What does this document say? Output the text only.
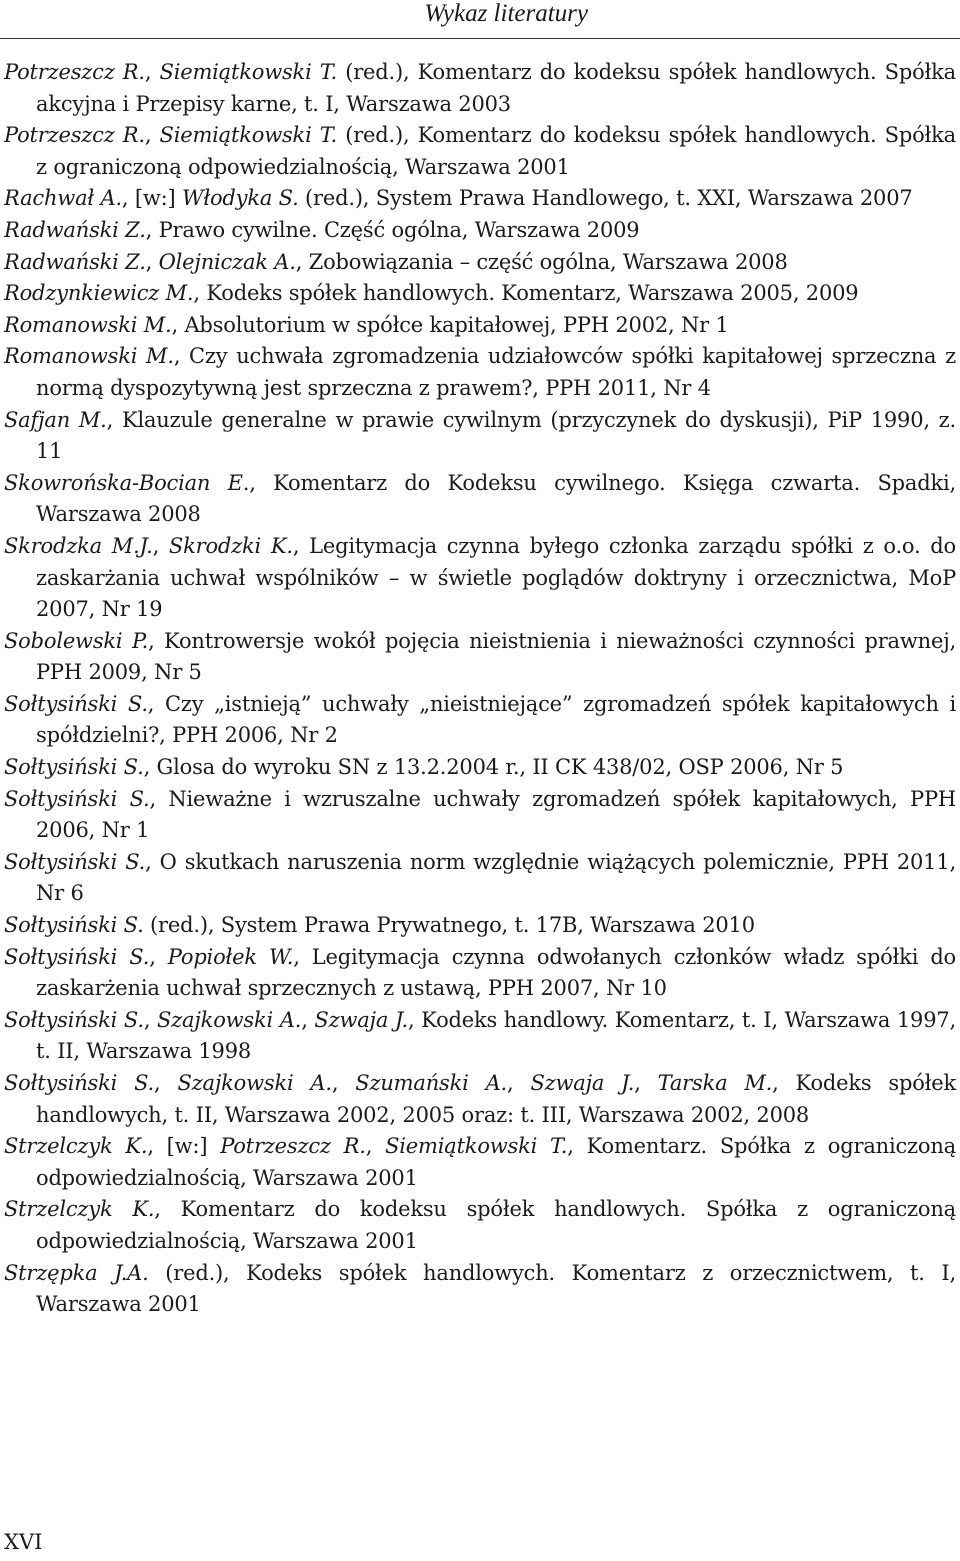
Wykaz literatury
Potrzeszcz R., Siemiątkowski T. (red.), Komentarz do kodeksu spółek handlowych. Spółka akcyjna i Przepisy karne, t. I, Warszawa 2003
Potrzeszcz R., Siemiątkowski T. (red.), Komentarz do kodeksu spółek handlowych. Spółka z ograniczoną odpowiedzialnością, Warszawa 2001
Rachwał A., [w:] Włodyka S. (red.), System Prawa Handlowego, t. XXI, Warszawa 2007
Radwański Z., Prawo cywilne. Część ogólna, Warszawa 2009
Radwański Z., Olejniczak A., Zobowiązania – część ogólna, Warszawa 2008
Rodzynkiewicz M., Kodeks spółek handlowych. Komentarz, Warszawa 2005, 2009
Romanowski M., Absolutorium w spółce kapitałowej, PPH 2002, Nr 1
Romanowski M., Czy uchwała zgromadzenia udziałowców spółki kapitałowej sprzeczna z normą dyspozytywną jest sprzeczna z prawem?, PPH 2011, Nr 4
Safjan M., Klauzule generalne w prawie cywilnym (przyczynek do dyskusji), PiP 1990, z. 11
Skowrońska-Bocian E., Komentarz do Kodeksu cywilnego. Księga czwarta. Spadki, Warszawa 2008
Skrodzka M.J., Skrodzki K., Legitymacja czynna byłego członka zarządu spółki z o.o. do zaskarżania uchwał wspólników – w świetle poglądów doktryny i orzecznictwa, MoP 2007, Nr 19
Sobolewski P., Kontrowersje wokół pojęcia nieistnienia i nieważności czynności prawnej, PPH 2009, Nr 5
Sołtysiński S., Czy „istnieją” uchwały „nieistniejące” zgromadzeń spółek kapitałowych i spółdzielni?, PPH 2006, Nr 2
Sołtysiński S., Glosa do wyroku SN z 13.2.2004 r., II CK 438/02, OSP 2006, Nr 5
Sołtysiński S., Nieważne i wzruszalne uchwały zgromadzeń spółek kapitałowych, PPH 2006, Nr 1
Sołtysiński S., O skutkach naruszenia norm względnie wiążących polemicznie, PPH 2011, Nr 6
Sołtysiński S. (red.), System Prawa Prywatnego, t. 17B, Warszawa 2010
Sołtysiński S., Popiołek W., Legitymacja czynna odwołanych członków władz spółki do zaskarżenia uchwał sprzecznych z ustawą, PPH 2007, Nr 10
Sołtysiński S., Szajkowski A., Szwaja J., Kodeks handlowy. Komentarz, t. I, Warszawa 1997, t. II, Warszawa 1998
Sołtysiński S., Szajkowski A., Szumański A., Szwaja J., Tarska M., Kodeks spółek handlowych, t. II, Warszawa 2002, 2005 oraz: t. III, Warszawa 2002, 2008
Strzelczyk K., [w:] Potrzeszcz R., Siemiątkowski T., Komentarz. Spółka z ograniczoną odpowiedzialnością, Warszawa 2001
Strzelczyk K., Komentarz do kodeksu spółek handlowych. Spółka z ograniczoną odpowiedzialnością, Warszawa 2001
Strzępka J.A. (red.), Kodeks spółek handlowych. Komentarz z orzecznictwem, t. I, Warszawa 2001
XVI
